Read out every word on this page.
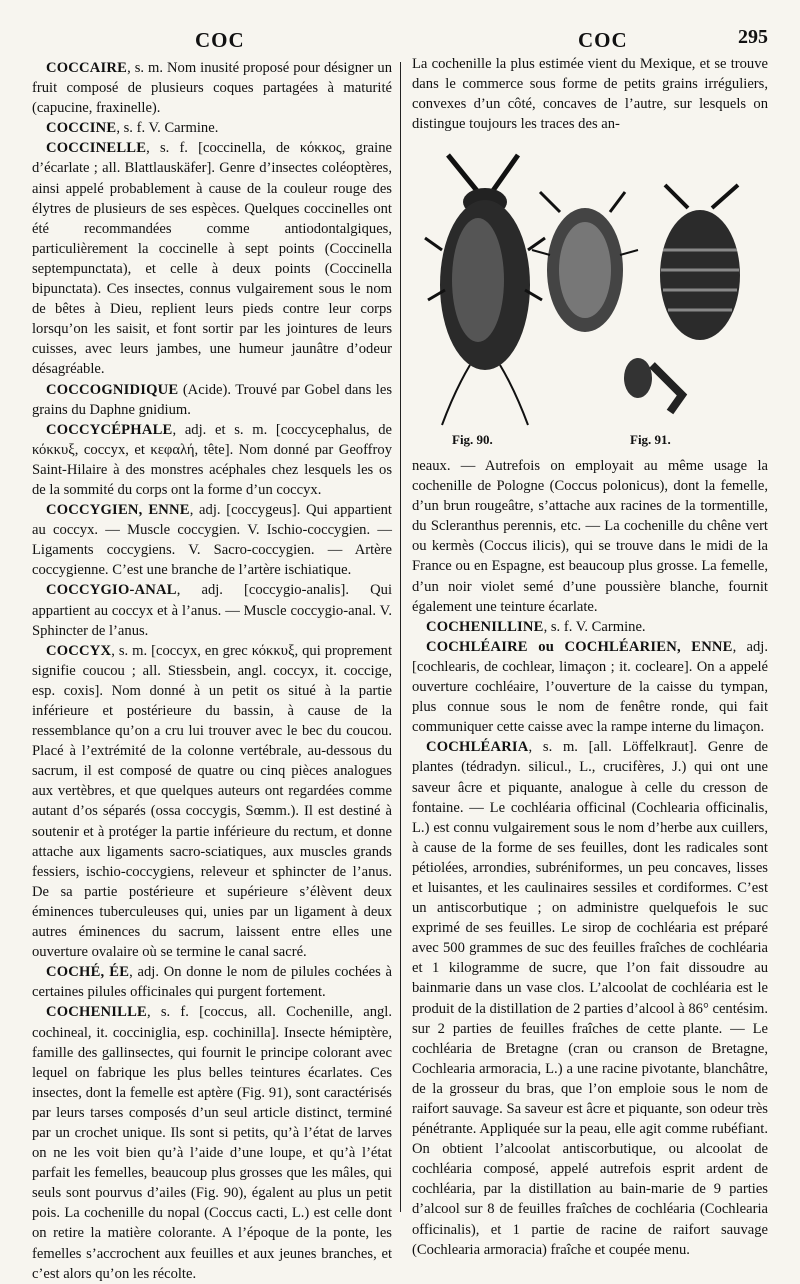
COC	COC	295

COCCAIRE, s. m. Nom inusité proposé pour désigner un fruit composé de plusieurs coques partagées à maturité (capucine, fraxinelle).

COCCINE, s. f. V. Carmine.

COCCINELLE, s. f. [coccinella, de κόκκος, graine d’écarlate ; all. Blattlauskäfer]. Genre d’insectes coléoptères, ainsi appelé probablement à cause de la couleur rouge des élytres de plusieurs de ses espèces. Quelques coccinelles ont été recommandées comme antiodontalgiques, particulièrement la coccinelle à sept points (Coccinella septempunctata), et celle à deux points (Coccinella bipunctata). Ces insectes, connus vulgairement sous le nom de bêtes à Dieu, replient leurs pieds contre leur corps lorsqu’on les saisit, et font sortir par les jointures de leurs cuisses, avec leurs jambes, une humeur jaunâtre d’odeur désagréable.

COCCOGNIDIQUE (Acide). Trouvé par Gobel dans les grains du Daphne gnidium.

COCCYCÉPHALE, adj. et s. m. [coccycephalus, de κόκκυξ, coccyx, et κεφαλή, tête]. Nom donné par Geoffroy Saint-Hilaire à des monstres acéphales chez lesquels les os de la sommité du corps ont la forme d’un coccyx.

COCCYGIEN, ENNE, adj. [coccygeus]. Qui appartient au coccyx. — Muscle coccygien. V. Ischio-coccygien. — Ligaments coccygiens. V. Sacro-coccygien. — Artère coccygienne. C’est une branche de l’artère ischiatique.

COCCYGIO-ANAL, adj. [coccygio-analis]. Qui appartient au coccyx et à l’anus. — Muscle coccygio-anal. V. Sphincter de l’anus.

COCCYX, s. m. [coccyx, en grec κόκκυξ, qui proprement signifie coucou ; all. Stiessbein, angl. coccyx, it. coccige, esp. coxis]. Nom donné à un petit os situé à la partie inférieure et postérieure du bassin, à cause de la ressemblance qu’on a cru lui trouver avec le bec du coucou. Placé à l’extrémité de la colonne vertébrale, au-dessous du sacrum, il est composé de quatre ou cinq pièces analogues aux vertèbres, et que quelques auteurs ont regardées comme autant d’os séparés (ossa coccygis, Sœmm.). Il est destiné à soutenir et à protéger la partie inférieure du rectum, et donne attache aux ligaments sacro-sciatiques, aux muscles grands fessiers, ischio-coccygiens, releveur et sphincter de l’anus. De sa partie postérieure et supérieure s’élèvent deux éminences tuberculeuses qui, unies par un ligament à deux autres éminences du sacrum, laissent entre elles une ouverture ovalaire où se termine le canal sacré.

COCHÉ, ÉE, adj. On donne le nom de pilules cochées à certaines pilules officinales qui purgent fortement.

COCHENILLE, s. f. [coccus, all. Cochenille, angl. cochineal, it. cocciniglia, esp. cochinilla]. Insecte hémiptère, famille des gallinsectes, qui fournit le principe colorant avec lequel on fabrique les plus belles teintures écarlates. Ces insectes, dont la femelle est aptère (Fig. 91), sont caractérisés par leurs tarses composés d’un seul article distinct, terminé par un crochet unique. Ils sont si petits, qu’à l’état de larves on ne les voit bien qu’à l’aide d’une loupe, et qu’à l’état parfait les femelles, beaucoup plus grosses que les mâles, qui seuls sont pourvus d’ailes (Fig. 90), égalent au plus un petit pois. La cochenille du nopal (Coccus cacti, L.) est celle dont on retire la matière colorante. A l’époque de la ponte, les femelles s’accrochent aux feuilles et aux jeunes branches, et c’est alors qu’on les récolte.

La cochenille la plus estimée vient du Mexique, et se trouve dans le commerce sous forme de petits grains irréguliers, convexes d’un côté, concaves de l’autre, sur lesquels on distingue toujours les traces des an-

Fig. 90.	Fig. 91.

neaux. — Autrefois on employait au même usage la cochenille de Pologne (Coccus polonicus), dont la femelle, d’un brun rougeâtre, s’attache aux racines de la tormentille, du Scleranthus perennis, etc. — La cochenille du chêne vert ou kermès (Coccus ilicis), qui se trouve dans le midi de la France ou en Espagne, est beaucoup plus grosse. La femelle, d’un noir violet semé d’une poussière blanche, fournit également une teinture écarlate.

COCHENILLINE, s. f. V. Carmine.

COCHLÉAIRE ou COCHLÉARIEN, ENNE, adj. [cochlearis, de cochlear, limaçon ; it. cocleare]. On a appelé ouverture cochléaire, l’ouverture de la caisse du tympan, plus connue sous le nom de fenêtre ronde, qui fait communiquer cette caisse avec la rampe interne du limaçon.

COCHLÉARIA, s. m. [all. Löffelkraut]. Genre de plantes (tédradyn. silicul., L., crucifères, J.) qui ont une saveur âcre et piquante, analogue à celle du cresson de fontaine. — Le cochléaria officinal (Cochlearia officinalis, L.) est connu vulgairement sous le nom d’herbe aux cuillers, à cause de la forme de ses feuilles, dont les radicales sont pétiolées, arrondies, subréniformes, un peu concaves, lisses et luisantes, et les caulinaires sessiles et cordiformes. C’est un antiscorbutique ; on administre quelquefois le suc exprimé de ses feuilles. Le sirop de cochléaria est préparé avec 500 grammes de suc des feuilles fraîches de cochléaria et 1 kilogramme de sucre, que l’on fait dissoudre au bainmarie dans un vase clos. L’alcoolat de cochléaria est le produit de la distillation de 2 parties d’alcool à 86° centésim. sur 2 parties de feuilles fraîches de cette plante. — Le cochléaria de Bretagne (cran ou cranson de Bretagne, Cochlearia armoracia, L.) a une racine pivotante, blanchâtre, de la grosseur du bras, que l’on emploie sous le nom de raifort sauvage. Sa saveur est âcre et piquante, son odeur très pénétrante. Appliquée sur la peau, elle agit comme rubéfiant. On obtient l’alcoolat antiscorbutique, ou alcoolat de cochléaria composé, appelé autrefois esprit ardent de cochléaria, par la distillation au bain-marie de 9 parties d’alcool sur 8 de feuilles fraîches de cochléaria (Cochlearia officinalis), et 1 partie de racine de raifort sauvage (Cochlearia armoracia) fraîche et coupée menu.
